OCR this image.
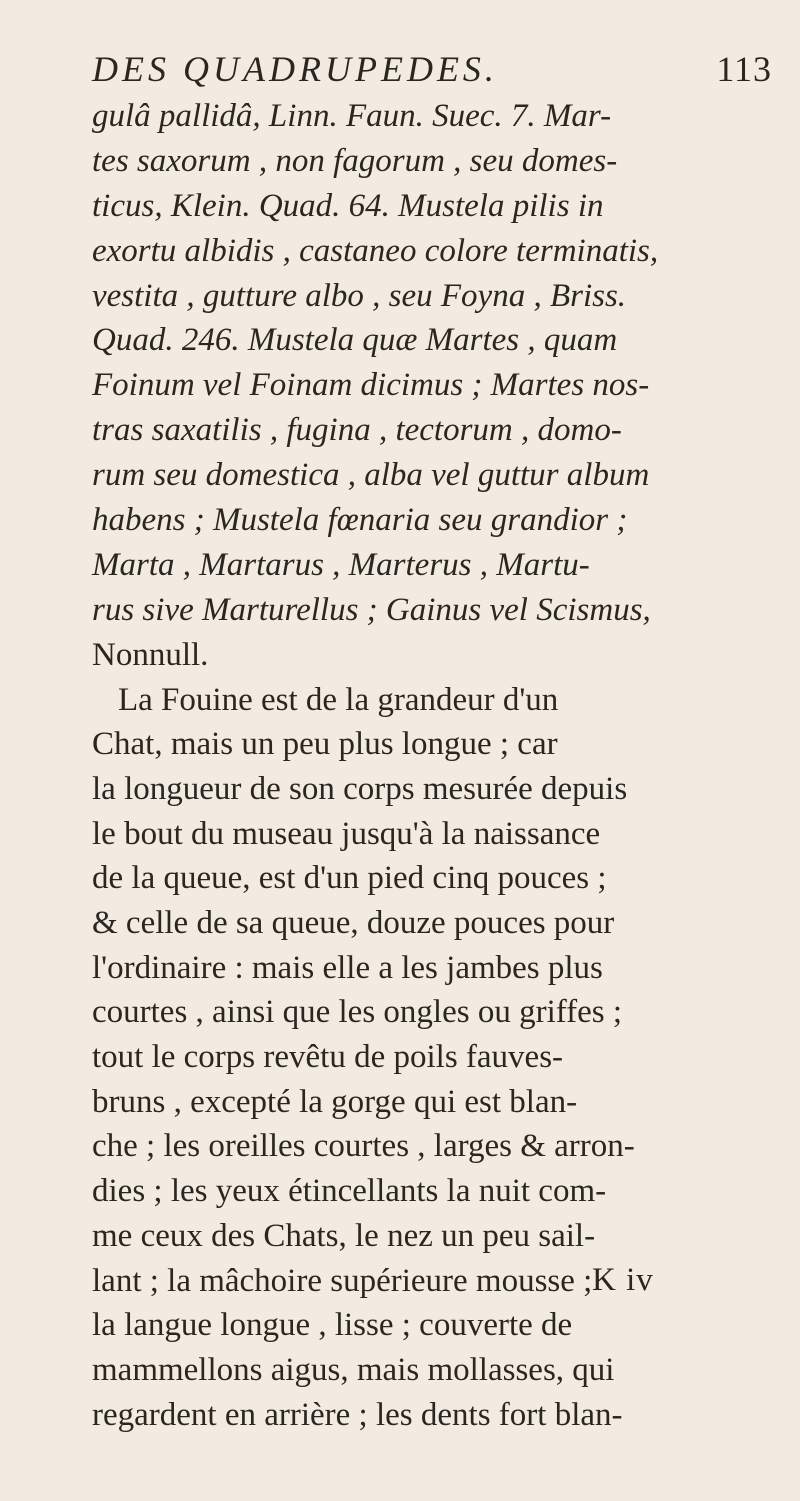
DES QUADRUPEDES.	113
gulâ pallidâ, Linn. Faun. Suec. 7. Mar-
tes saxorum , non fagorum , seu domes-
ticus, Klein. Quad. 64. Mustela pilis in
exortu albidis , castaneo colore terminatis,
vestita , gutture albo , seu Foyna , Briss.
Quad. 246. Mustela quæ Martes , quam
Foinum vel Foinam dicimus ; Martes nos-
tras saxatilis , fugina , tectorum , domo-
rum seu domestica , alba vel guttur album
habens ; Mustela fœnaria seu grandior ;
Marta , Martarus , Marterus , Martu-
rus sive Marturellus ; Gainus vel Scismus,
Nonnull.
La Fouine est de la grandeur d'un
Chat, mais un peu plus longue ; car
la longueur de son corps mesurée depuis
le bout du museau jusqu'à la naissance
de la queue, est d'un pied cinq pouces ;
& celle de sa queue, douze pouces pour
l'ordinaire : mais elle a les jambes plus
courtes , ainsi que les ongles ou griffes ;
tout le corps revêtu de poils fauves-
bruns , excepté la gorge qui est blan-
che ; les oreilles courtes , larges & arron-
dies ; les yeux étincellants la nuit com-
me ceux des Chats, le nez un peu sail-
lant ; la mâchoire supérieure mousse ;
la langue longue , lisse ; couverte de
mammellons aigus, mais mollasses, qui
regardent en arrière ; les dents fort blan-
K iv
